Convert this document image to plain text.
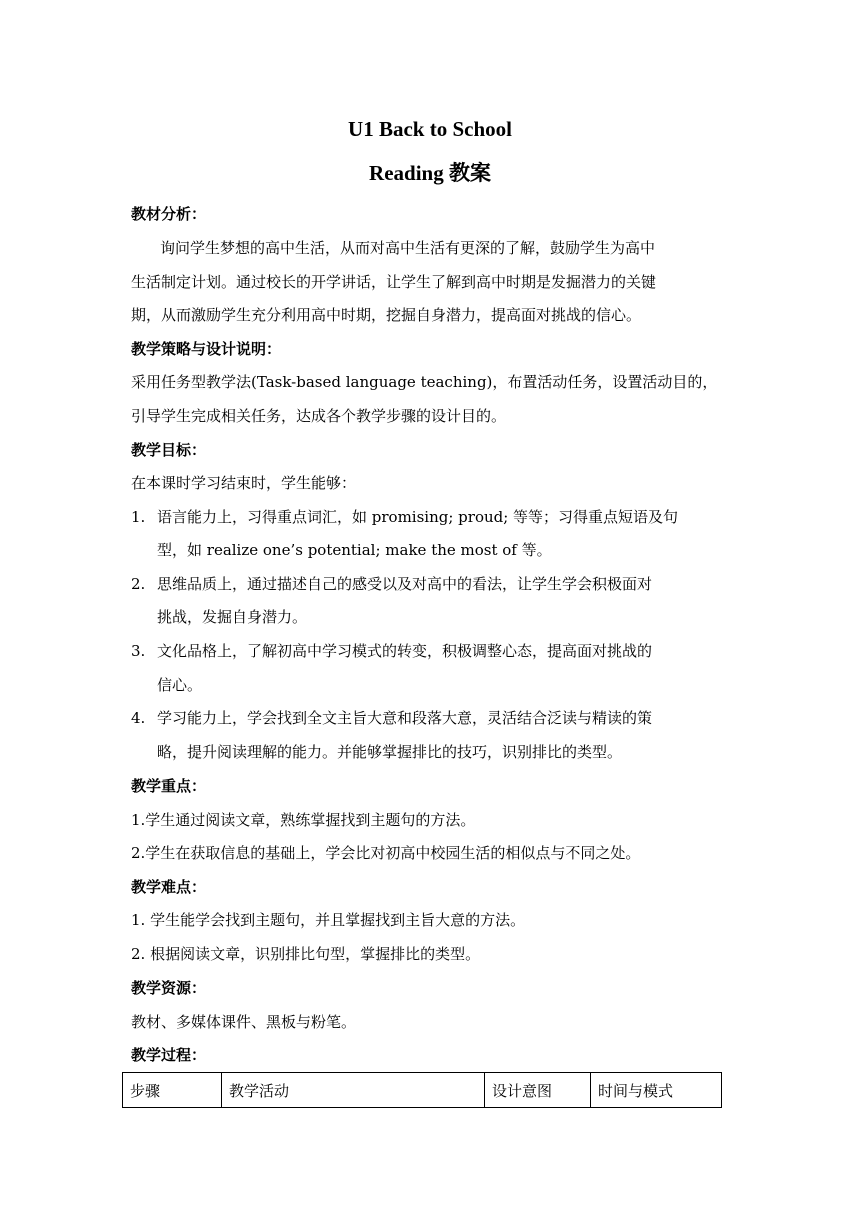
U1 Back to School
Reading 教案
教材分析：
询问学生梦想的高中生活，从而对高中生活有更深的了解，鼓励学生为高中
生活制定计划。通过校长的开学讲话，让学生了解到高中时期是发掘潜力的关键
期，从而激励学生充分利用高中时期，挖掘自身潜力，提高面对挑战的信心。
教学策略与设计说明：
采用任务型教学法(Task-based language teaching)，布置活动任务，设置活动目的，
引导学生完成相关任务，达成各个教学步骤的设计目的。
教学目标：
在本课时学习结束时，学生能够：
1. 语言能力上，习得重点词汇，如 promising; proud; 等等；习得重点短语及句
型，如 realize one’s potential; make the most of 等。
2. 思维品质上，通过描述自己的感受以及对高中的看法，让学生学会积极面对
挑战，发掘自身潜力。
3. 文化品格上，了解初高中学习模式的转变，积极调整心态，提高面对挑战的
信心。
4. 学习能力上，学会找到全文主旨大意和段落大意，灵活结合泛读与精读的策
略，提升阅读理解的能力。并能够掌握排比的技巧，识别排比的类型。
教学重点：
1.学生通过阅读文章，熟练掌握找到主题句的方法。
2.学生在获取信息的基础上，学会比对初高中校园生活的相似点与不同之处。
教学难点：
1. 学生能学会找到主题句，并且掌握找到主旨大意的方法。
2. 根据阅读文章，识别排比句型，掌握排比的类型。
教学资源：
教材、多媒体课件、黑板与粉笔。
教学过程：
步骤	教学活动	设计意图	时间与模式
